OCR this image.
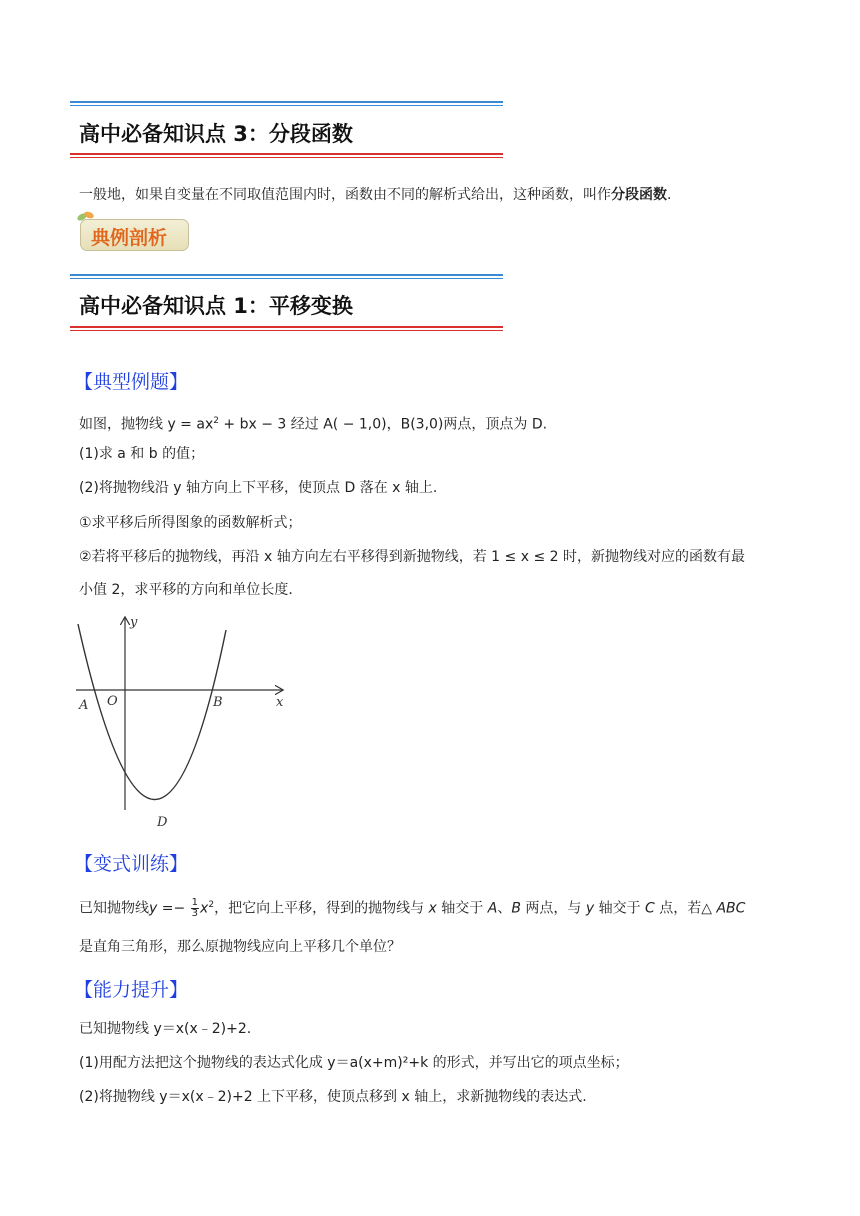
高中必备知识点 3：分段函数
一般地，如果自变量在不同取值范围内时，函数由不同的解析式给出，这种函数，叫作分段函数.
典例剖析
高中必备知识点 1：平移变换
【典型例题】
如图，抛物线 $y = ax^2$ + bx − 3 经过 A( − 1,0)，B(3,0)两点，顶点为 D.
(1)求 a 和 b 的值；
(2)将抛物线沿 y 轴方向上下平移，使顶点 D 落在 x 轴上.
①求平移后所得图象的函数解析式；
②若将平移后的抛物线，再沿 x 轴方向左右平移得到新抛物线，若 1 ≤ x ≤ 2 时，新抛物线对应的函数有最
小值 2，求平移的方向和单位长度.
y
x
O
A	B
D
【变式训练】
已知抛物线$y =- \frac{1}{3} x^2$，把它向上平移，得到的抛物线与 x 轴交于 A、B 两点，与 y 轴交于 C 点，若△ ABC
是直角三角形，那么原抛物线应向上平移几个单位？
【能力提升】
已知抛物线 y＝x(x﹣2)+2.
(1)用配方法把这个抛物线的表达式化成 y＝a(x+m)²+k 的形式，并写出它的项点坐标；
(2)将抛物线 y＝x(x﹣2)+2 上下平移，使顶点移到 x 轴上，求新抛物线的表达式.
